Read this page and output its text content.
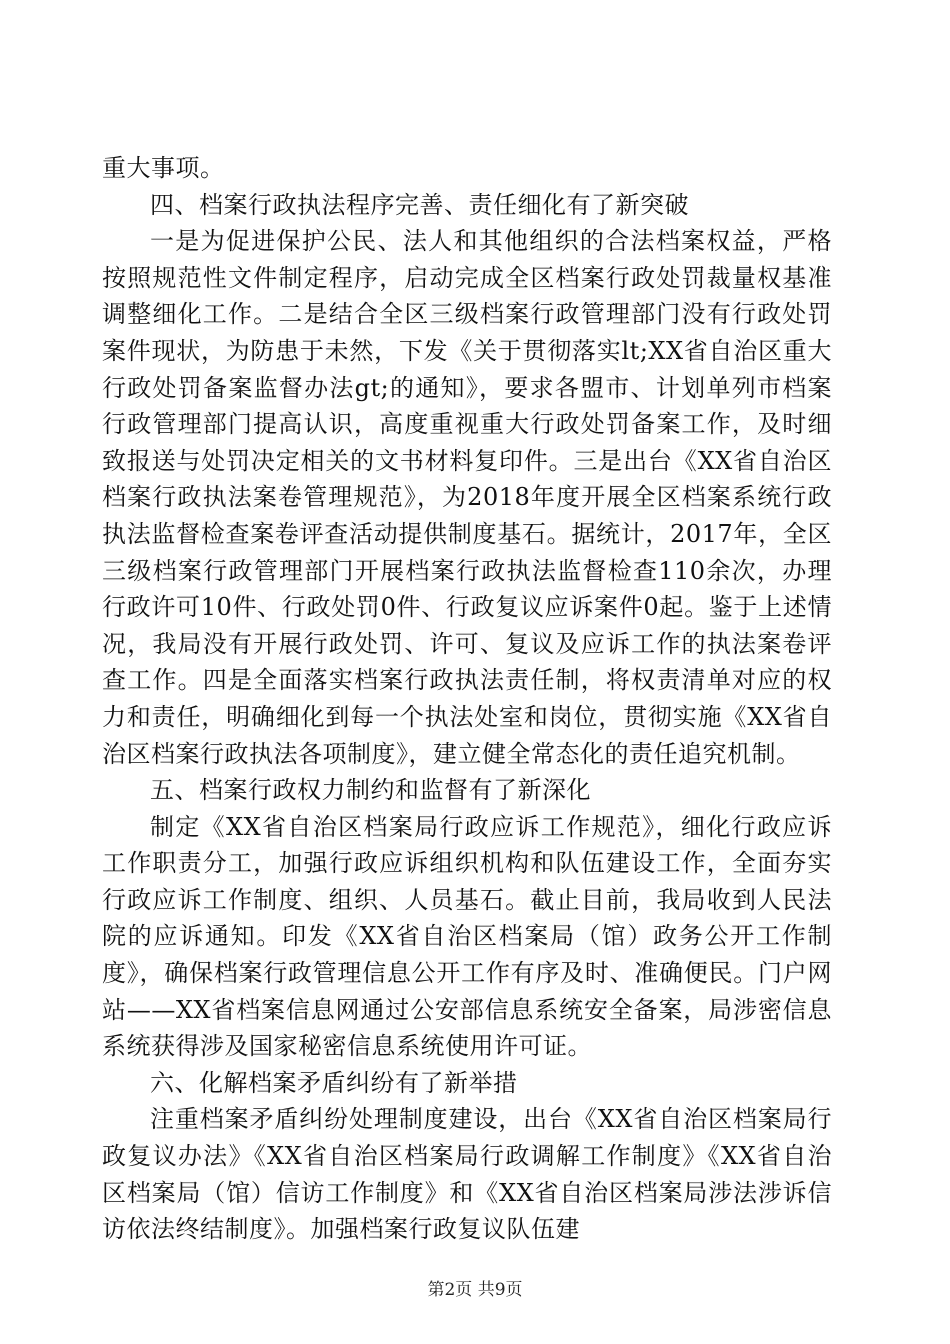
重大事项。

四、档案行政执法程序完善、责任细化有了新突破

一是为促进保护公民、法人和其他组织的合法档案权益，严格按照规范性文件制定程序，启动完成全区档案行政处罚裁量权基准调整细化工作。二是结合全区三级档案行政管理部门没有行政处罚案件现状，为防患于未然，下发《关于贯彻落实lt;XX省自治区重大行政处罚备案监督办法gt;的通知》，要求各盟市、计划单列市档案行政管理部门提高认识，高度重视重大行政处罚备案工作，及时细致报送与处罚决定相关的文书材料复印件。三是出台《XX省自治区档案行政执法案卷管理规范》，为2018年度开展全区档案系统行政执法监督检查案卷评查活动提供制度基石。据统计，2017年，全区三级档案行政管理部门开展档案行政执法监督检查110余次，办理行政许可10件、行政处罚0件、行政复议应诉案件0起。鉴于上述情况，我局没有开展行政处罚、许可、复议及应诉工作的执法案卷评查工作。四是全面落实档案行政执法责任制，将权责清单对应的权力和责任，明确细化到每一个执法处室和岗位，贯彻实施《XX省自治区档案行政执法各项制度》，建立健全常态化的责任追究机制。

五、档案行政权力制约和监督有了新深化

制定《XX省自治区档案局行政应诉工作规范》，细化行政应诉工作职责分工，加强行政应诉组织机构和队伍建设工作，全面夯实行政应诉工作制度、组织、人员基石。截止目前，我局收到人民法院的应诉通知。印发《XX省自治区档案局（馆）政务公开工作制度》，确保档案行政管理信息公开工作有序及时、准确便民。门户网站——XX省档案信息网通过公安部信息系统安全备案，局涉密信息系统获得涉及国家秘密信息系统使用许可证。

六、化解档案矛盾纠纷有了新举措

注重档案矛盾纠纷处理制度建设，出台《XX省自治区档案局行政复议办法》《XX省自治区档案局行政调解工作制度》《XX省自治区档案局（馆）信访工作制度》和《XX省自治区档案局涉法涉诉信访依法终结制度》。加强档案行政复议队伍建

第2页 共9页
